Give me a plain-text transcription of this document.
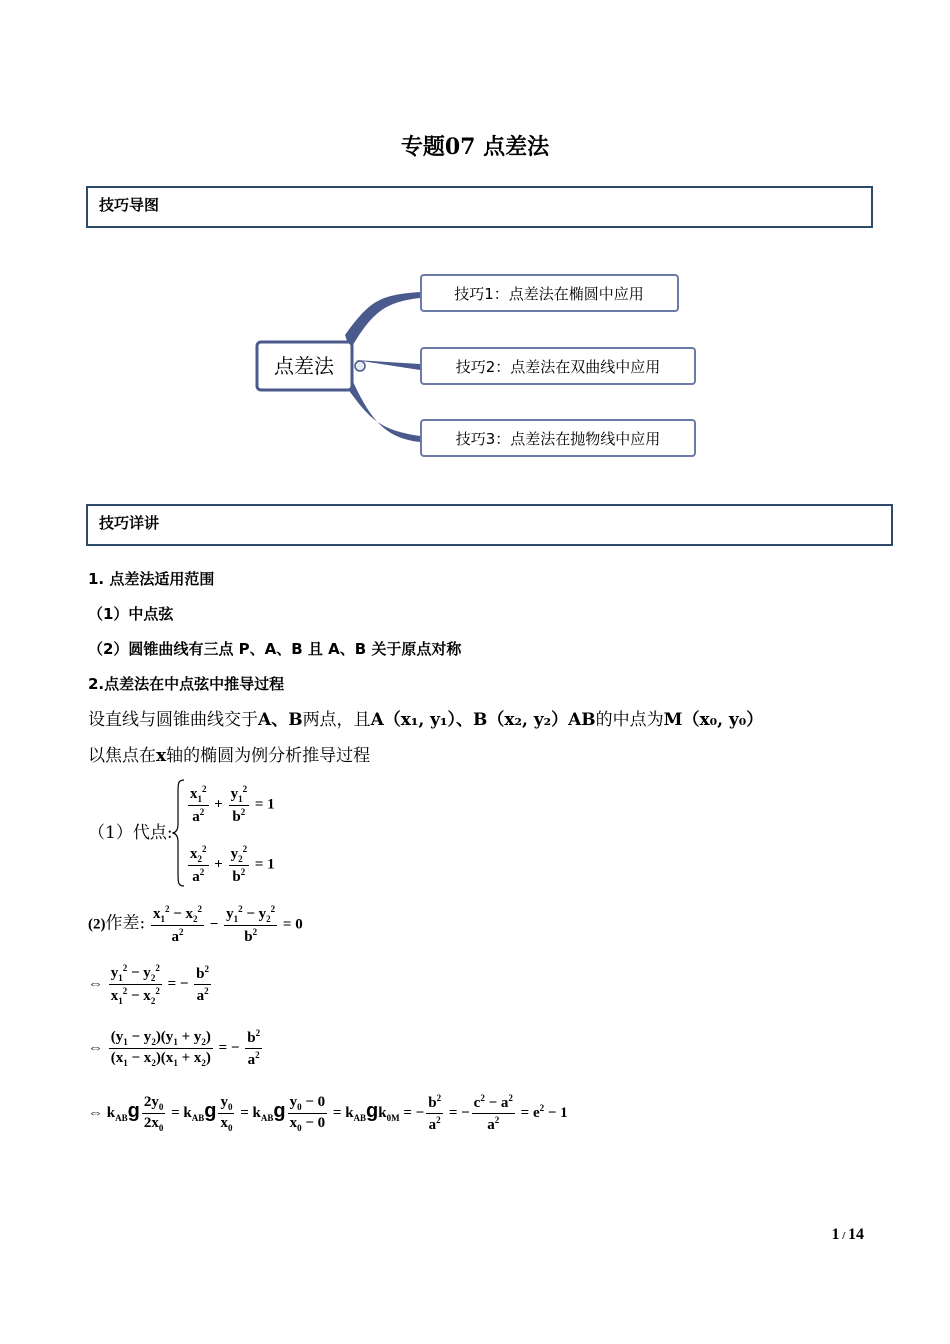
专题07 点差法
技巧导图
点差法
技巧1：点差法在椭圆中应用
技巧2：点差法在双曲线中应用
技巧3：点差法在抛物线中应用
技巧详讲
1. 点差法适用范围
（1）中点弦
（2）圆锥曲线有三点 P、A、B 且 A、B 关于原点对称
2.点差法在中点弦中推导过程
设直线与圆锥曲线交于A、B两点，且A（x₁, y₁）、B（x₂, y₂）AB的中点为M（x₀, y₀）
以焦点在x轴的椭圆为例分析推导过程
（1）代点:
$\frac{x_1^2}{a^2} + \frac{y_1^2}{b^2} = 1$
$\frac{x_2^2}{a^2} + \frac{y_2^2}{b^2} = 1$
(2)作差: $\frac{x_1^2 - x_2^2}{a^2} - \frac{y_1^2 - y_2^2}{b^2} = 0$
⇔ $\frac{y_1^2 - y_2^2}{x_1^2 - x_2^2}$ = − $\frac{b^2}{a^2}$
⇔ $\frac{(y_1 - y_2)(y_1 + y_2)}{(x_1 - x_2)(x_1 + x_2)}$ = − $\frac{b^2}{a^2}$
⇔ $k_{AB}g \frac{2y_0}{2x_0} = k_{AB}g \frac{y_0}{x_0} = k_{AB}g \frac{y_0 - 0}{x_0 - 0} = k_{AB}gk_{0M}$ = − $\frac{b^2}{a^2}$ = − $\frac{c^2 - a^2}{a^2} = e^2 - 1$
1 / 14
